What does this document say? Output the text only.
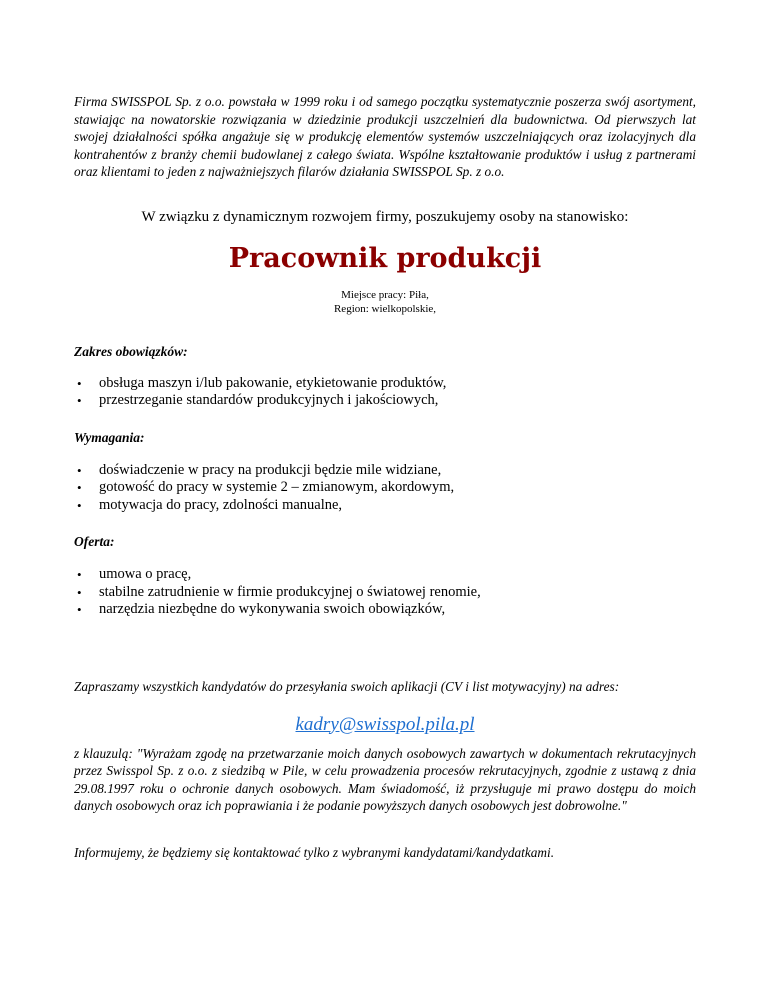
Firma SWISSPOL Sp. z o.o. powstała w 1999 roku i od samego początku systematycznie poszerza swój asortyment, stawiając na nowatorskie rozwiązania w dziedzinie produkcji uszczelnień dla budownictwa. Od pierwszych lat swojej działalności spółka angażuje się w produkcję elementów systemów uszczelniających oraz izolacyjnych dla kontrahentów z branży chemii budowlanej z całego świata. Wspólne kształtowanie produktów i usług z partnerami oraz klientami to jeden z najważniejszych filarów działania SWISSPOL Sp. z o.o.

W związku z dynamicznym rozwojem firmy, poszukujemy osoby na stanowisko:

Pracownik produkcji

Miejsce pracy: Piła,
Region: wielkopolskie,

Zakres obowiązków:

• obsługa maszyn i/lub pakowanie, etykietowanie produktów,
• przestrzeganie standardów produkcyjnych i jakościowych,

Wymagania:

• doświadczenie w pracy na produkcji będzie mile widziane,
• gotowość do pracy w systemie 2 – zmianowym, akordowym,
• motywacja do pracy, zdolności manualne,

Oferta:

• umowa o pracę,
• stabilne zatrudnienie w firmie produkcyjnej o światowej renomie,
• narzędzia niezbędne do wykonywania swoich obowiązków,

Zapraszamy wszystkich kandydatów do przesyłania swoich aplikacji (CV i list motywacyjny) na adres:

kadry@swisspol.pila.pl

z klauzulą: "Wyrażam zgodę na przetwarzanie moich danych osobowych zawartych w dokumentach rekrutacyjnych przez Swisspol Sp. z o.o. z siedzibą w Pile, w celu prowadzenia procesów rekrutacyjnych, zgodnie z ustawą z dnia 29.08.1997 roku o ochronie danych osobowych. Mam świadomość, iż przysługuje mi prawo dostępu do moich danych osobowych oraz ich poprawiania i że podanie powyższych danych osobowych jest dobrowolne."

Informujemy, że będziemy się kontaktować tylko z wybranymi kandydatami/kandydatkami.
